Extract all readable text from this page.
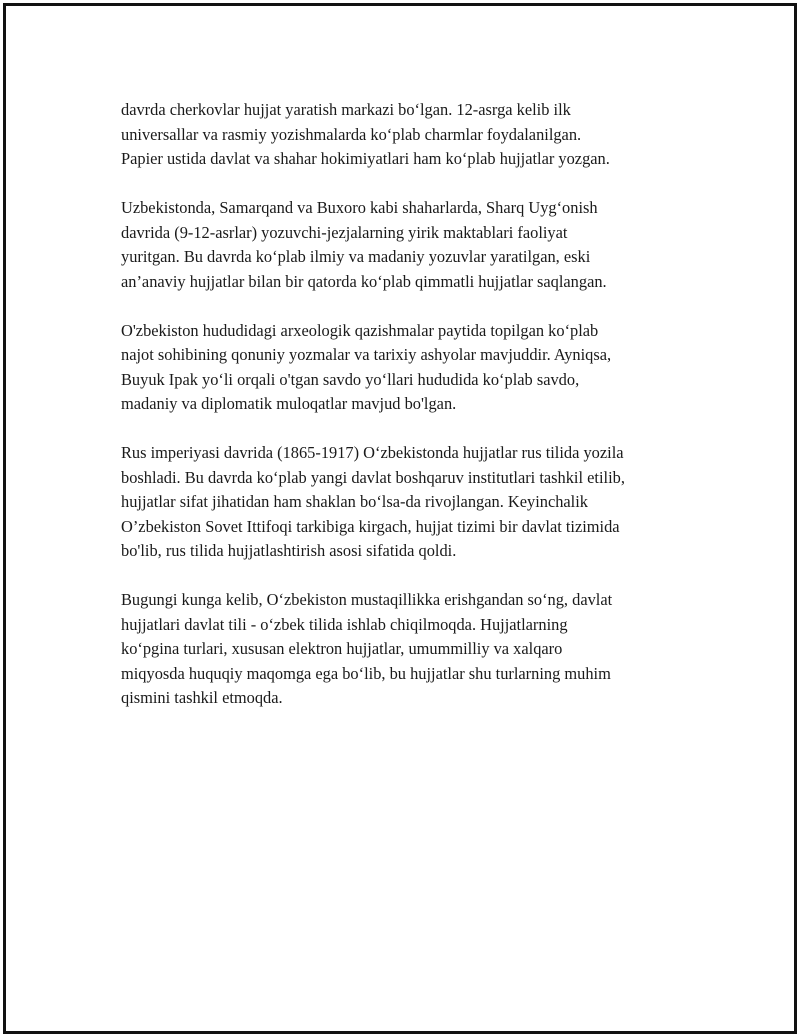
davrda cherkovlar hujjat yaratish markazi bo‘lgan. 12-asrga kelib ilk
universallar va rasmiy yozishmalarda ko‘plab charmlar foydalanilgan.
Papier ustida davlat va shahar hokimiyatlari ham ko‘plab hujjatlar yozgan.

Uzbekistonda, Samarqand va Buxoro kabi shaharlarda, Sharq Uyg‘onish
davrida (9-12-asrlar) yozuvchi-jezjalarning yirik maktablari faoliyat
yuritgan. Bu davrda ko‘plab ilmiy va madaniy yozuvlar yaratilgan, eski
an’anaviy hujjatlar bilan bir qatorda ko‘plab qimmatli hujjatlar saqlangan.

O'zbekiston hududidagi arxeologik qazishmalar paytida topilgan ko‘plab
najot sohibining qonuniy yozmalar va tarixiy ashyolar mavjuddir. Ayniqsa,
Buyuk Ipak yo‘li orqali o'tgan savdo yo‘llari hududida ko‘plab savdo,
madaniy va diplomatik muloqatlar mavjud bo'lgan.

Rus imperiyasi davrida (1865-1917) O‘zbekistonda hujjatlar rus tilida yozila
boshladi. Bu davrda ko‘plab yangi davlat boshqaruv institutlari tashkil etilib,
hujjatlar sifat jihatidan ham shaklan bo‘lsa-da rivojlangan. Keyinchalik
O’zbekiston Sovet Ittifoqi tarkibiga kirgach, hujjat tizimi bir davlat tizimida
bo'lib, rus tilida hujjatlashtirish asosi sifatida qoldi.

Bugungi kunga kelib, O‘zbekiston mustaqillikka erishgandan so‘ng, davlat
hujjatlari davlat tili - o‘zbek tilida ishlab chiqilmoqda. Hujjatlarning
ko‘pgina turlari, xususan elektron hujjatlar, umummilliy va xalqaro
miqyosda huquqiy maqomga ega bo‘lib, bu hujjatlar shu turlarning muhim
qismini tashkil etmoqda.
